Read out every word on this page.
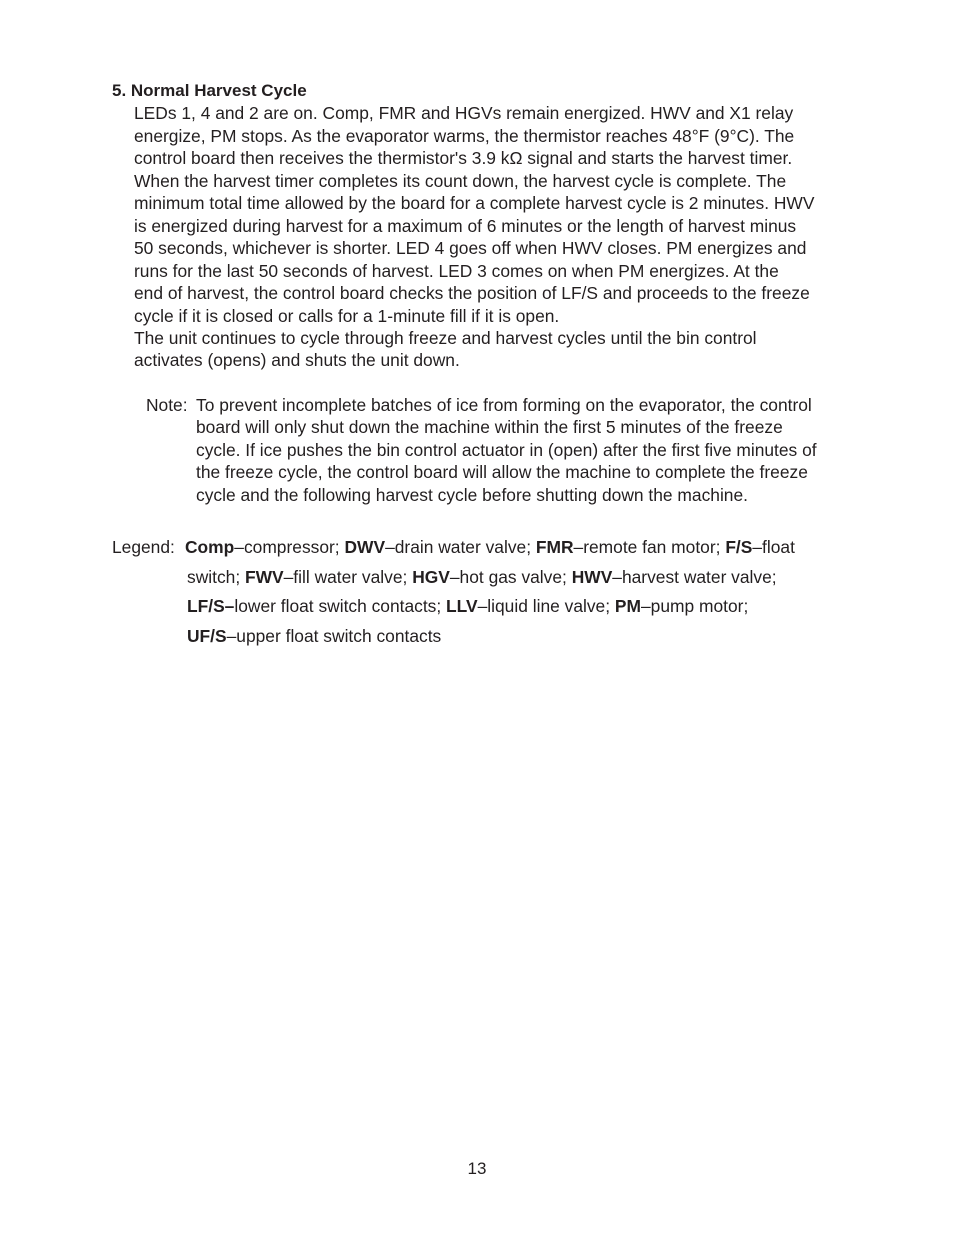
5. Normal Harvest Cycle
LEDs 1, 4 and 2 are on. Comp, FMR and HGVs remain energized. HWV and X1 relay
energize, PM stops. As the evaporator warms, the thermistor reaches 48°F (9°C). The
control board then receives the thermistor's 3.9 kΩ signal and starts the harvest timer.
When the harvest timer completes its count down, the harvest cycle is complete. The
minimum total time allowed by the board for a complete harvest cycle is 2 minutes. HWV
is energized during harvest for a maximum of 6 minutes or the length of harvest minus
50 seconds, whichever is shorter. LED 4 goes off when HWV closes. PM energizes and
runs for the last 50 seconds of harvest. LED 3 comes on when PM energizes. At the
end of harvest, the control board checks the position of LF/S and proceeds to the freeze
cycle if it is closed or calls for a 1-minute fill if it is open.
The unit continues to cycle through freeze and harvest cycles until the bin control
activates (opens) and shuts the unit down.
Note: To prevent incomplete batches of ice from forming on the evaporator, the control
board will only shut down the machine within the first 5 minutes of the freeze
cycle. If ice pushes the bin control actuator in (open) after the first five minutes of
the freeze cycle, the control board will allow the machine to complete the freeze
cycle and the following harvest cycle before shutting down the machine.
Legend: Comp–compressor; DWV–drain water valve; FMR–remote fan motor; F/S–float
switch; FWV–fill water valve; HGV–hot gas valve; HWV–harvest water valve;
LF/S–lower float switch contacts; LLV–liquid line valve; PM–pump motor;
UF/S–upper float switch contacts
13
